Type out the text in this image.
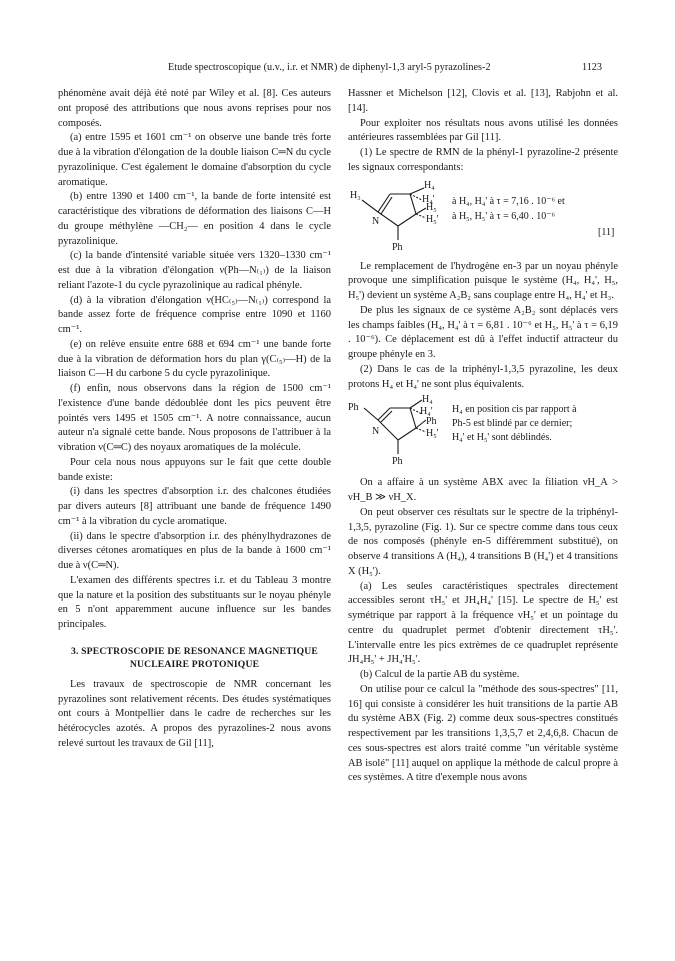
Etude spectroscopique (u.v., i.r. et NMR) de diphenyl-1,3 aryl-5 pyrazolines-2	1123

phénomène avait déjà été noté par Wiley et al. [8]. Ces auteurs ont proposé des attributions que nous avons reprises pour nos composés.

(a) entre 1595 et 1601 cm⁻¹ on observe une bande très forte due à la vibration d'élongation de la double liaison C═N du cycle pyrazolinique. C'est également le domaine d'absorption du cycle aromatique.

(b) entre 1390 et 1400 cm⁻¹, la bande de forte intensité est caractéristique des vibrations de déformation des liaisons C—H du groupe méthylène —CH₂— en position 4 dans le cycle pyrazolinique.

(c) la bande d'intensité variable située vers 1320–1330 cm⁻¹ est due à la vibration d'élongation ν(Ph—N₍₁₎) de la liaison reliant l'azote-1 du cycle pyrazolinique au radical phényle.

(d) à la vibration d'élongation ν(HC₍₅₎—N₍₁₎) correspond la bande assez forte de fréquence comprise entre 1090 et 1160 cm⁻¹.

(e) on relève ensuite entre 688 et 694 cm⁻¹ une bande forte due à la vibration de déformation hors du plan γ(C₍₅₎—H) de la liaison C—H du carbone 5 du cycle pyrazolinique.

(f) enfin, nous observons dans la région de 1500 cm⁻¹ l'existence d'une bande dédoublée dont les pics peuvent être pointés vers 1495 et 1505 cm⁻¹. A notre connaissance, aucun auteur n'a signalé cette bande. Nous proposons de l'attribuer à la vibration ν(C═C) des noyaux aromatiques de la molécule.

Pour cela nous nous appuyons sur le fait que cette double bande existe:

(i) dans les spectres d'absorption i.r. des chalcones étudiées par divers auteurs [8] attribuant une bande de fréquence 1490 cm⁻¹ à la vibration du cycle aromatique.

(ii) dans le spectre d'absorption i.r. des phénylhydrazones de diverses cétones aromatiques en plus de la bande à 1600 cm⁻¹ due à ν(C═N).

L'examen des différents spectres i.r. et du Tableau 3 montre que la nature et la position des substituants sur le noyau phényle en 5 n'ont apparemment aucune influence sur les bandes principales.

3. SPECTROSCOPIE DE RESONANCE MAGNETIQUE
NUCLEAIRE PROTONIQUE

Les travaux de spectroscopie de NMR concernant les pyrazolines sont relativement récents. Des études systématiques ont cours à Montpellier dans le cadre de recherches sur les hétérocycles azotés. A propos des pyrazolines-2 nous avons relevé surtout les travaux de Gil [11],

Hassner et Michelson [12], Clovis et al. [13], Rabjohn et al. [14].

Pour exploiter nos résultats nous avons utilisé les données antérieures rassemblées par Gil [11].

(1) Le spectre de RMN de la phényl-1 pyrazoline-2 présente les signaux correspondants:

H₃
H₄
H₄'
H₅
H₅'
N
Ph
à H₄, H₄' à τ = 7,16 . 10⁻⁶ et
à H₅, H₅' à τ = 6,40 . 10⁻⁶
[11]

Le remplacement de l'hydrogène en-3 par un noyau phényle provoque une simplification puisque le système (H₄, H₄', H₅, H₅') devient un système A₂B₂ sans couplage entre H₄, H₄' et H₃.

De plus les signaux de ce système A₂B₂ sont déplacés vers les champs faibles (H₄, H₄' à τ = 6,81 . 10⁻⁶ et H₅, H₅' à τ = 6,19 . 10⁻⁶). Ce déplacement est dû à l'effet inductif attracteur du groupe phényle en 3.

(2) Dans le cas de la triphényl-1,3,5 pyrazoline, les deux protons H₄ et H₄' ne sont plus équivalents.

Ph
H₄
H₄'
Ph
H₅'
N
Ph
H₄ en position cis par rapport à
Ph-5 est blindé par ce dernier;
H₄' et H₅' sont déblindés.

On a affaire à un système ABX avec la filiation νH_A > νH_B ≫ νH_X.

On peut observer ces résultats sur le spectre de la triphényl-1,3,5, pyrazoline (Fig. 1). Sur ce spectre comme dans tous ceux de nos composés (phényle en-5 différemment substitué), on observe 4 transitions A (H₄), 4 transitions B (H₄') et 4 transitions X (H₅').

(a) Les seules caractéristiques spectrales directement accessibles seront τH₅' et JH₄H₄' [15]. Le spectre de H₅' est symétrique par rapport à la fréquence νH₅' et un pointage du centre du quadruplet permet d'obtenir directement τH₅'. L'intervalle entre les pics extrèmes de ce quadruplet représente JH₄H₅' + JH₄'H₅'.

(b) Calcul de la partie AB du système.

On utilise pour ce calcul la "méthode des sous-spectres" [11, 16] qui consiste à considérer les huit transitions de la partie AB du système ABX (Fig. 2) comme deux sous-spectres constitués respectivement par les transitions 1,3,5,7 et 2,4,6,8. Chacun de ces sous-spectres est alors traité comme "un véritable système AB isolé" [11] auquel on applique la méthode de calcul propre à ces systèmes. A titre d'exemple nous avons
